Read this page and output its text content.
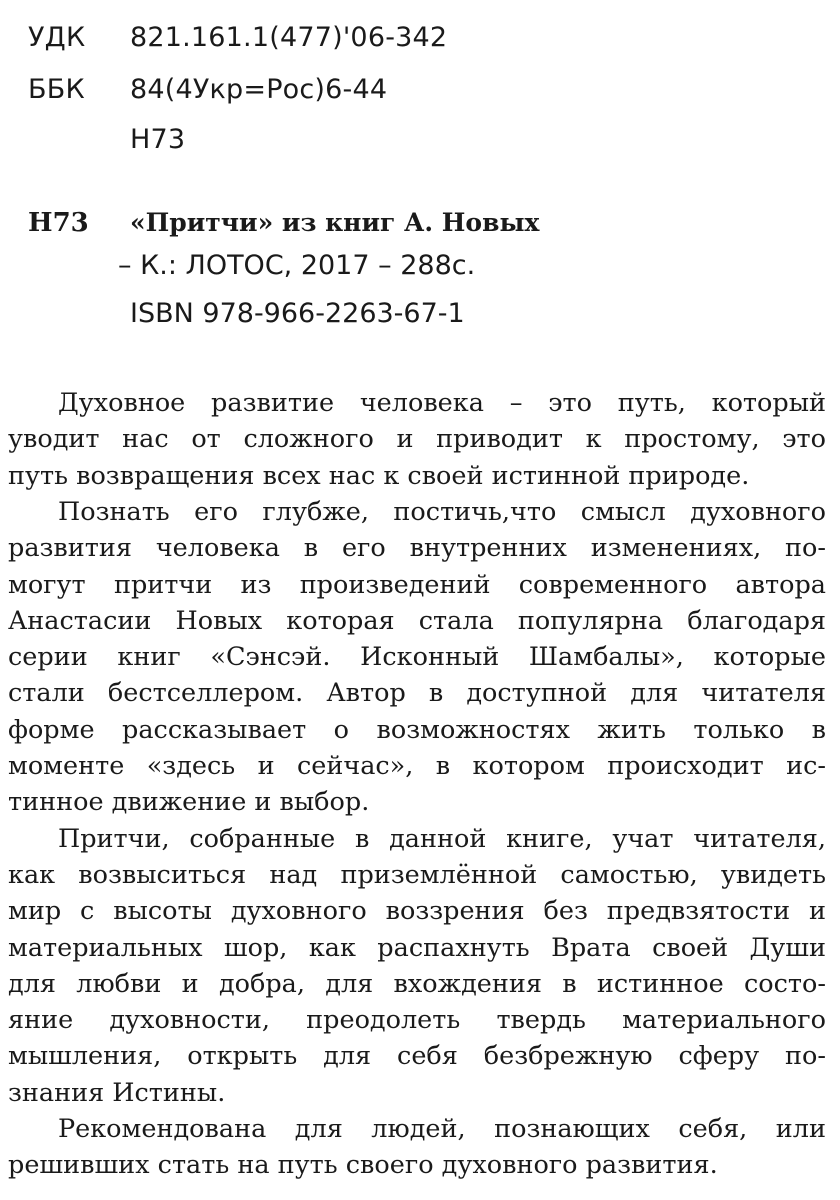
УДК 821.161.1(477)'06-342
ББК 84(4Укр=Рос)6-44
Н73
Н73 «Притчи» из книг А. Новых
– К.: ЛОТОС, 2017 – 288с.
ISBN 978-966-2263-67-1
Духовное развитие человека – это путь, который
уводит нас от сложного и приводит к простому, это
путь возвращения всех нас к своей истинной природе.
Познать его глубже, постичь,что смысл духовного
развития человека в его внутренних изменениях, по-
могут притчи из произведений современного автора
Анастасии Новых которая стала популярна благодаря
серии книг «Сэнсэй. Исконный Шамбалы», которые
стали бестселлером. Автор в доступной для читателя
форме рассказывает о возможностях жить только в
моменте «здесь и сейчас», в котором происходит ис-
тинное движение и выбор.
Притчи, собранные в данной книге, учат читателя,
как возвыситься над приземлённой самостью, увидеть
мир с высоты духовного воззрения без предвзятости и
материальных шор, как распахнуть Врата своей Души
для любви и добра, для вхождения в истинное состо-
яние духовности, преодолеть твердь материального
мышления, открыть для себя безбрежную сферу по-
знания Истины.
Рекомендована для людей, познающих себя, или
решивших стать на путь своего духовного развития.
